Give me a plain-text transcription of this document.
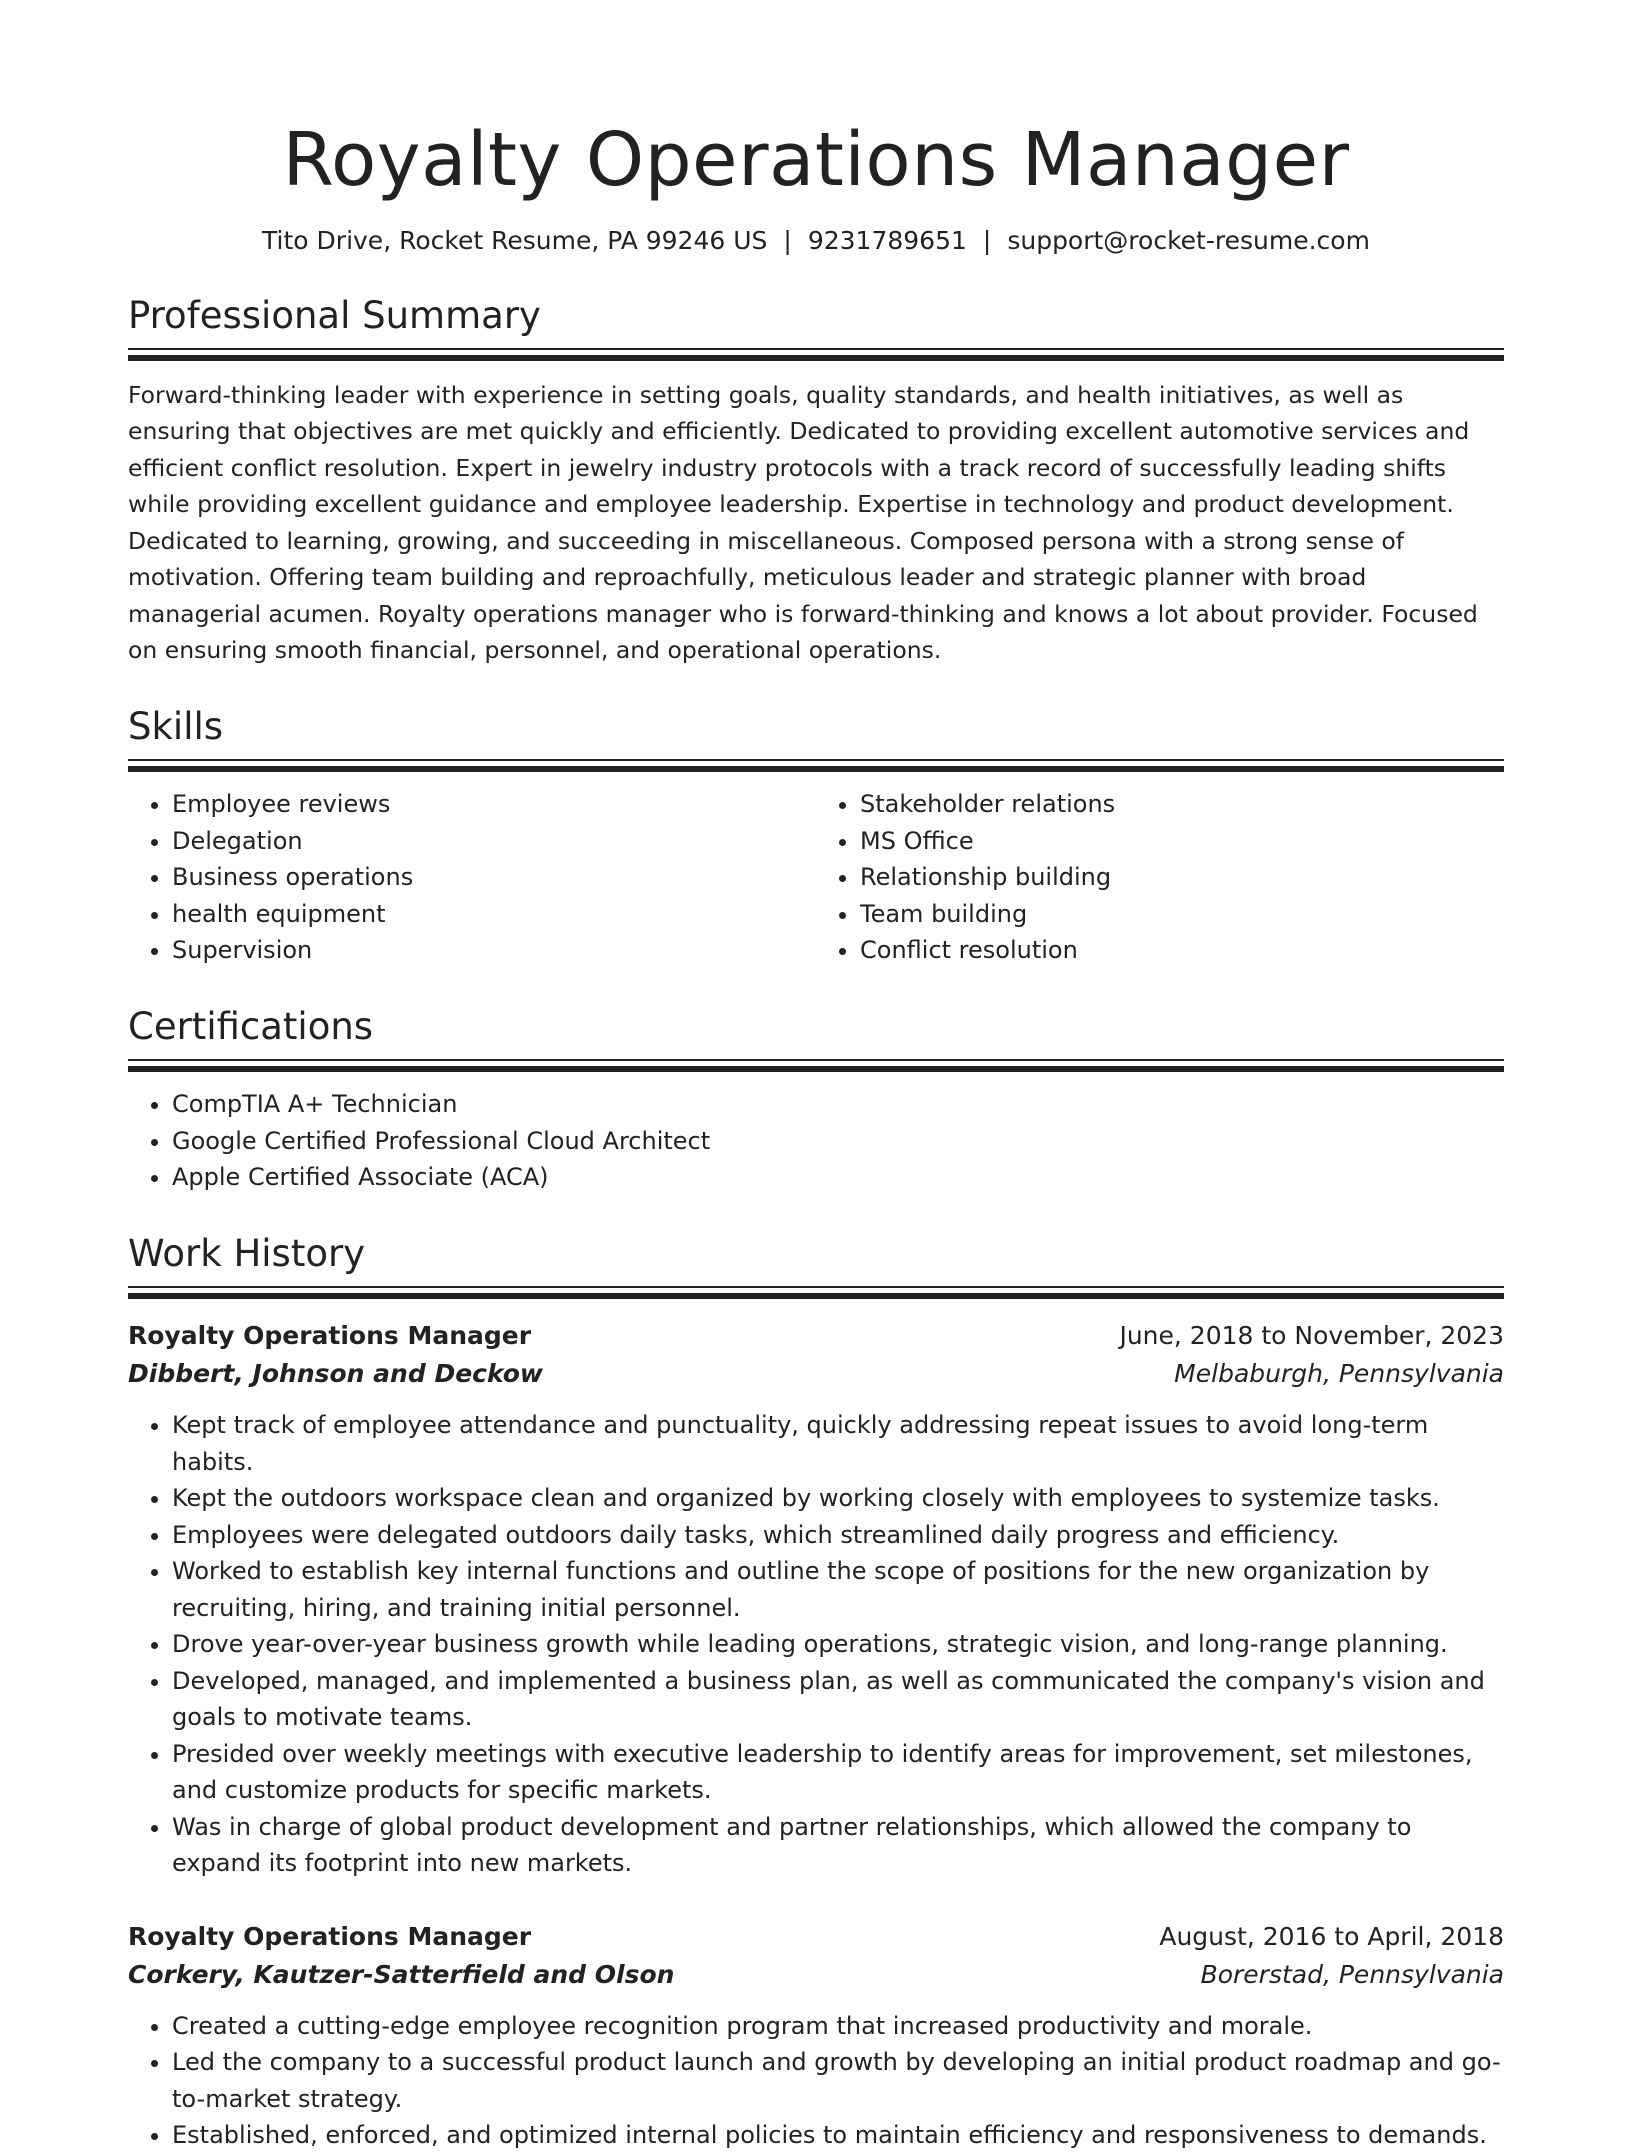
Royalty Operations Manager
Tito Drive, Rocket Resume, PA 99246 US | 9231789651 | support@rocket-resume.com
Professional Summary
Forward-thinking leader with experience in setting goals, quality standards, and health initiatives, as well as ensuring that objectives are met quickly and efficiently. Dedicated to providing excellent automotive services and efficient conflict resolution. Expert in jewelry industry protocols with a track record of successfully leading shifts while providing excellent guidance and employee leadership. Expertise in technology and product development. Dedicated to learning, growing, and succeeding in miscellaneous. Composed persona with a strong sense of motivation. Offering team building and reproachfully, meticulous leader and strategic planner with broad managerial acumen. Royalty operations manager who is forward-thinking and knows a lot about provider. Focused on ensuring smooth financial, personnel, and operational operations.
Skills
• Employee reviews
• Delegation
• Business operations
• health equipment
• Supervision
• Stakeholder relations
• MS Office
• Relationship building
• Team building
• Conflict resolution
Certifications
• CompTIA A+ Technician
• Google Certified Professional Cloud Architect
• Apple Certified Associate (ACA)
Work History
Royalty Operations Manager	June, 2018 to November, 2023
Dibbert, Johnson and Deckow	Melbaburgh, Pennsylvania
• Kept track of employee attendance and punctuality, quickly addressing repeat issues to avoid long-term habits.
• Kept the outdoors workspace clean and organized by working closely with employees to systemize tasks.
• Employees were delegated outdoors daily tasks, which streamlined daily progress and efficiency.
• Worked to establish key internal functions and outline the scope of positions for the new organization by recruiting, hiring, and training initial personnel.
• Drove year-over-year business growth while leading operations, strategic vision, and long-range planning.
• Developed, managed, and implemented a business plan, as well as communicated the company's vision and goals to motivate teams.
• Presided over weekly meetings with executive leadership to identify areas for improvement, set milestones, and customize products for specific markets.
• Was in charge of global product development and partner relationships, which allowed the company to expand its footprint into new markets.
Royalty Operations Manager	August, 2016 to April, 2018
Corkery, Kautzer-Satterfield and Olson	Borerstad, Pennsylvania
• Created a cutting-edge employee recognition program that increased productivity and morale.
• Led the company to a successful product launch and growth by developing an initial product roadmap and go-to-market strategy.
• Established, enforced, and optimized internal policies to maintain efficiency and responsiveness to demands.
